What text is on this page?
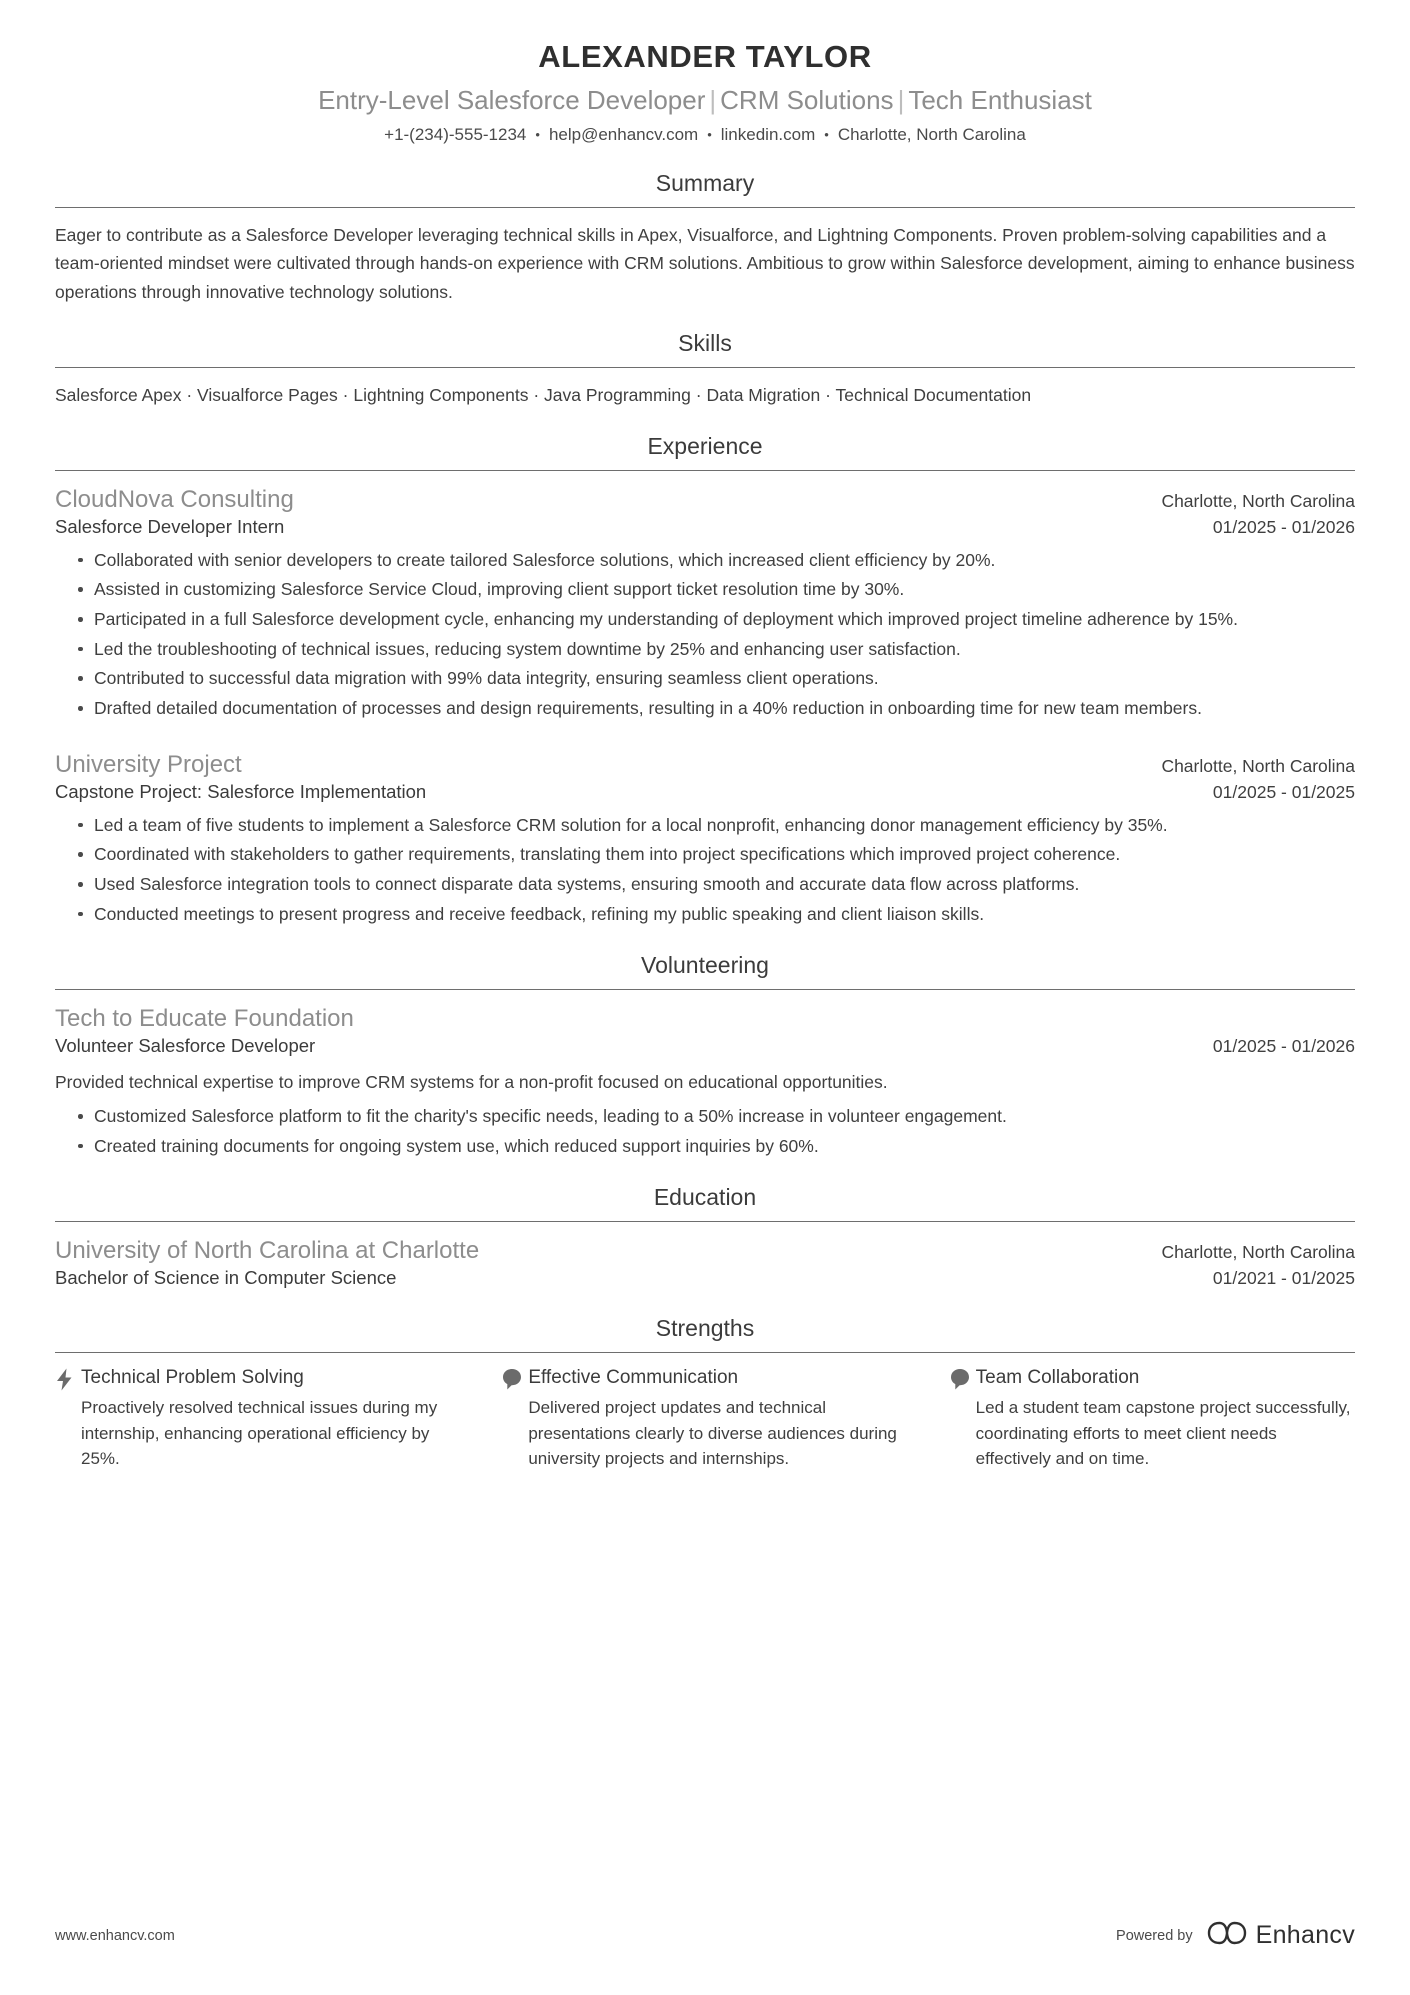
ALEXANDER TAYLOR
Entry-Level Salesforce Developer | CRM Solutions | Tech Enthusiast
+1-(234)-555-1234 • help@enhancv.com • linkedin.com • Charlotte, North Carolina
Summary
Eager to contribute as a Salesforce Developer leveraging technical skills in Apex, Visualforce, and Lightning Components. Proven problem-solving capabilities and a team-oriented mindset were cultivated through hands-on experience with CRM solutions. Ambitious to grow within Salesforce development, aiming to enhance business operations through innovative technology solutions.
Skills
Salesforce Apex · Visualforce Pages · Lightning Components · Java Programming · Data Migration · Technical Documentation
Experience
CloudNova Consulting	Charlotte, North Carolina
Salesforce Developer Intern	01/2025 - 01/2026
Collaborated with senior developers to create tailored Salesforce solutions, which increased client efficiency by 20%.
Assisted in customizing Salesforce Service Cloud, improving client support ticket resolution time by 30%.
Participated in a full Salesforce development cycle, enhancing my understanding of deployment which improved project timeline adherence by 15%.
Led the troubleshooting of technical issues, reducing system downtime by 25% and enhancing user satisfaction.
Contributed to successful data migration with 99% data integrity, ensuring seamless client operations.
Drafted detailed documentation of processes and design requirements, resulting in a 40% reduction in onboarding time for new team members.
University Project	Charlotte, North Carolina
Capstone Project: Salesforce Implementation	01/2025 - 01/2025
Led a team of five students to implement a Salesforce CRM solution for a local nonprofit, enhancing donor management efficiency by 35%.
Coordinated with stakeholders to gather requirements, translating them into project specifications which improved project coherence.
Used Salesforce integration tools to connect disparate data systems, ensuring smooth and accurate data flow across platforms.
Conducted meetings to present progress and receive feedback, refining my public speaking and client liaison skills.
Volunteering
Tech to Educate Foundation
Volunteer Salesforce Developer	01/2025 - 01/2026
Provided technical expertise to improve CRM systems for a non-profit focused on educational opportunities.
Customized Salesforce platform to fit the charity's specific needs, leading to a 50% increase in volunteer engagement.
Created training documents for ongoing system use, which reduced support inquiries by 60%.
Education
University of North Carolina at Charlotte	Charlotte, North Carolina
Bachelor of Science in Computer Science	01/2021 - 01/2025
Strengths
Technical Problem Solving
Proactively resolved technical issues during my internship, enhancing operational efficiency by 25%.
Effective Communication
Delivered project updates and technical presentations clearly to diverse audiences during university projects and internships.
Team Collaboration
Led a student team capstone project successfully, coordinating efforts to meet client needs effectively and on time.
www.enhancv.com	Powered by	Enhancv
